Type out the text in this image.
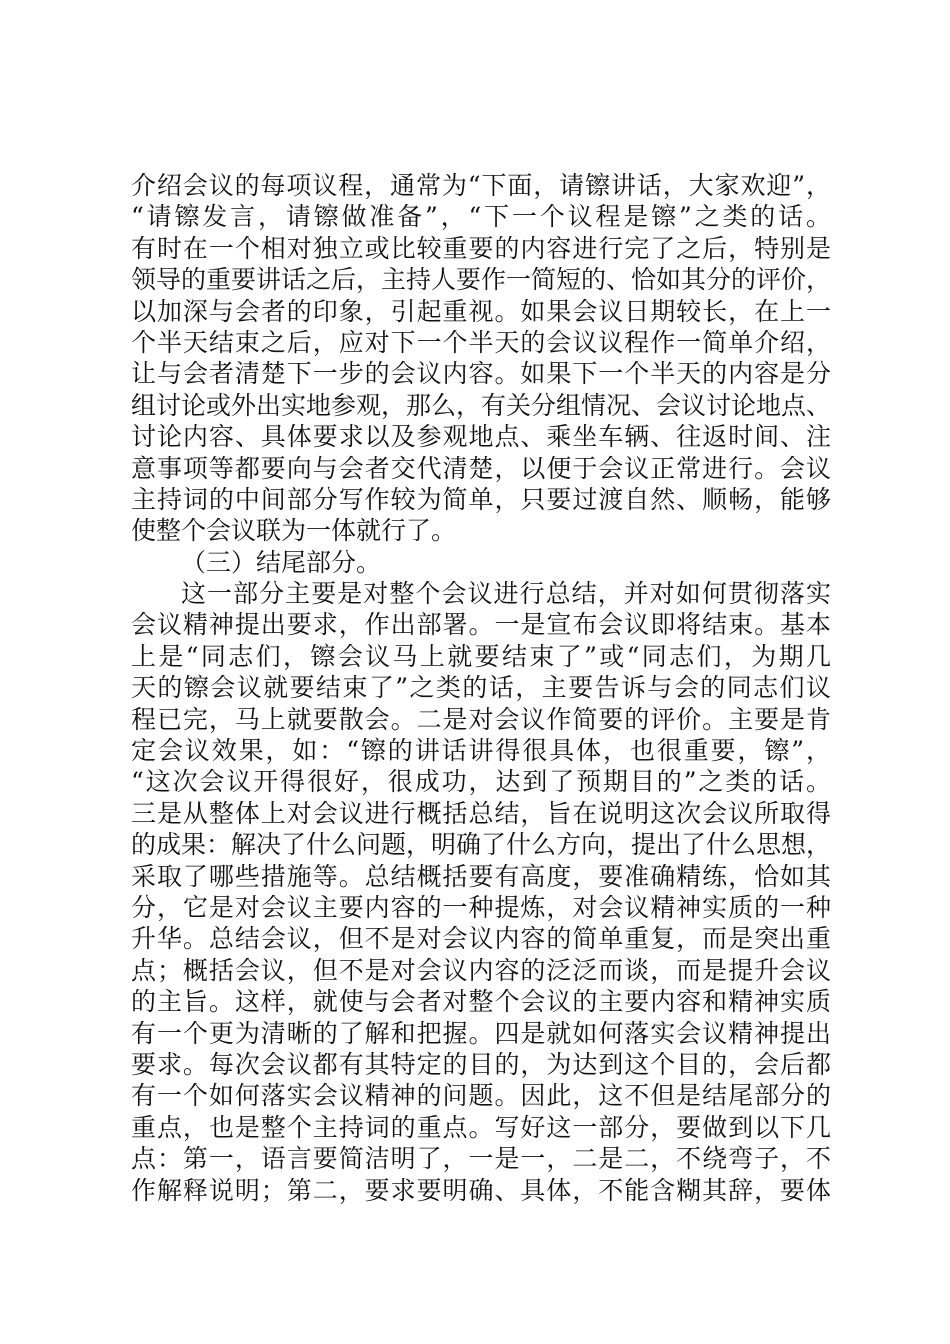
介绍会议的每项议程，通常为“下面，请镲讲话，大家欢迎”，
“请镲发言，请镲做准备”，“下一个议程是镲”之类的话。
有时在一个相对独立或比较重要的内容进行完了之后，特别是
领导的重要讲话之后，主持人要作一简短的、恰如其分的评价，
以加深与会者的印象，引起重视。如果会议日期较长，在上一
个半天结束之后，应对下一个半天的会议议程作一简单介绍，
让与会者清楚下一步的会议内容。如果下一个半天的内容是分
组讨论或外出实地参观，那么，有关分组情况、会议讨论地点、
讨论内容、具体要求以及参观地点、乘坐车辆、往返时间、注
意事项等都要向与会者交代清楚，以便于会议正常进行。会议
主持词的中间部分写作较为简单，只要过渡自然、顺畅，能够
使整个会议联为一体就行了。
（三）结尾部分。
这一部分主要是对整个会议进行总结，并对如何贯彻落实
会议精神提出要求，作出部署。一是宣布会议即将结束。基本
上是“同志们，镲会议马上就要结束了”或“同志们，为期几
天的镲会议就要结束了”之类的话，主要告诉与会的同志们议
程已完，马上就要散会。二是对会议作简要的评价。主要是肯
定会议效果，如：“镲的讲话讲得很具体，也很重要，镲”，
“这次会议开得很好，很成功，达到了预期目的”之类的话。
三是从整体上对会议进行概括总结，旨在说明这次会议所取得
的成果：解决了什么问题，明确了什么方向，提出了什么思想，
采取了哪些措施等。总结概括要有高度，要准确精练，恰如其
分，它是对会议主要内容的一种提炼，对会议精神实质的一种
升华。总结会议，但不是对会议内容的简单重复，而是突出重
点；概括会议，但不是对会议内容的泛泛而谈，而是提升会议
的主旨。这样，就使与会者对整个会议的主要内容和精神实质
有一个更为清晰的了解和把握。四是就如何落实会议精神提出
要求。每次会议都有其特定的目的，为达到这个目的，会后都
有一个如何落实会议精神的问题。因此，这不但是结尾部分的
重点，也是整个主持词的重点。写好这一部分，要做到以下几
点：第一，语言要简洁明了，一是一，二是二，不绕弯子，不
作解释说明；第二，要求要明确、具体，不能含糊其辞，要体
